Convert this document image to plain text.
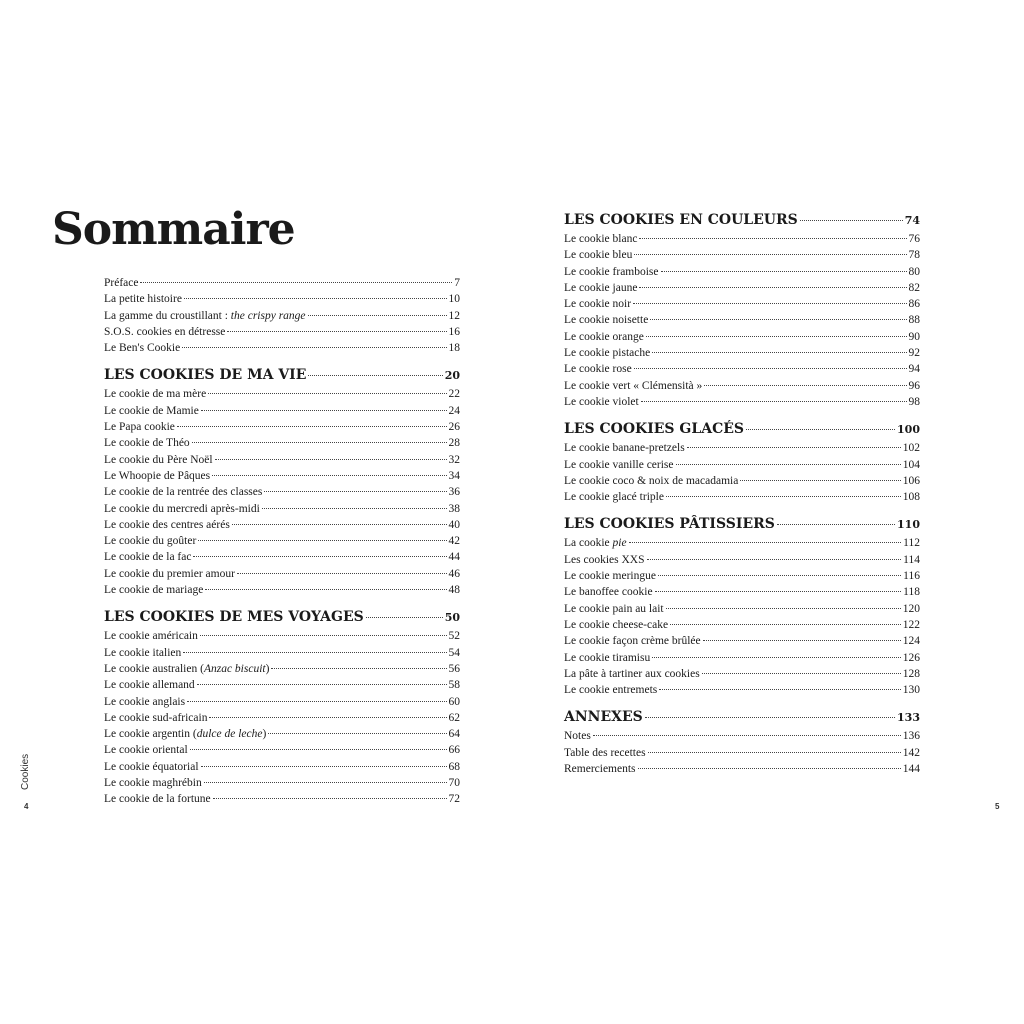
Sommaire
Préface	7
La petite histoire	10
La gamme du croustillant : the crispy range	12
S.O.S. cookies en détresse	16
Le Ben's Cookie	18
LES COOKIES DE MA VIE	20
Le cookie de ma mère	22
Le cookie de Mamie	24
Le Papa cookie	26
Le cookie de Théo	28
Le cookie du Père Noël	32
Le Whoopie de Pâques	34
Le cookie de la rentrée des classes	36
Le cookie du mercredi après-midi	38
Le cookie des centres aérés	40
Le cookie du goûter	42
Le cookie de la fac	44
Le cookie du premier amour	46
Le cookie de mariage	48
LES COOKIES DE MES VOYAGES	50
Le cookie américain	52
Le cookie italien	54
Le cookie australien (Anzac biscuit)	56
Le cookie allemand	58
Le cookie anglais	60
Le cookie sud-africain	62
Le cookie argentin (dulce de leche)	64
Le cookie oriental	66
Le cookie équatorial	68
Le cookie maghrébin	70
Le cookie de la fortune	72
LES COOKIES EN COULEURS	74
Le cookie blanc	76
Le cookie bleu	78
Le cookie framboise	80
Le cookie jaune	82
Le cookie noir	86
Le cookie noisette	88
Le cookie orange	90
Le cookie pistache	92
Le cookie rose	94
Le cookie vert « Clémensità »	96
Le cookie violet	98
LES COOKIES GLACÉS	100
Le cookie banane-pretzels	102
Le cookie vanille cerise	104
Le cookie coco & noix de macadamia	106
Le cookie glacé triple	108
LES COOKIES PÂTISSIERS	110
La cookie pie	112
Les cookies XXS	114
Le cookie meringue	116
Le banoffee cookie	118
Le cookie pain au lait	120
Le cookie cheese-cake	122
Le cookie façon crème brûlée	124
Le cookie tiramisu	126
La pâte à tartiner aux cookies	128
Le cookie entremets	130
ANNEXES	133
Notes	136
Table des recettes	142
Remerciements	144
Cookies
4	5
